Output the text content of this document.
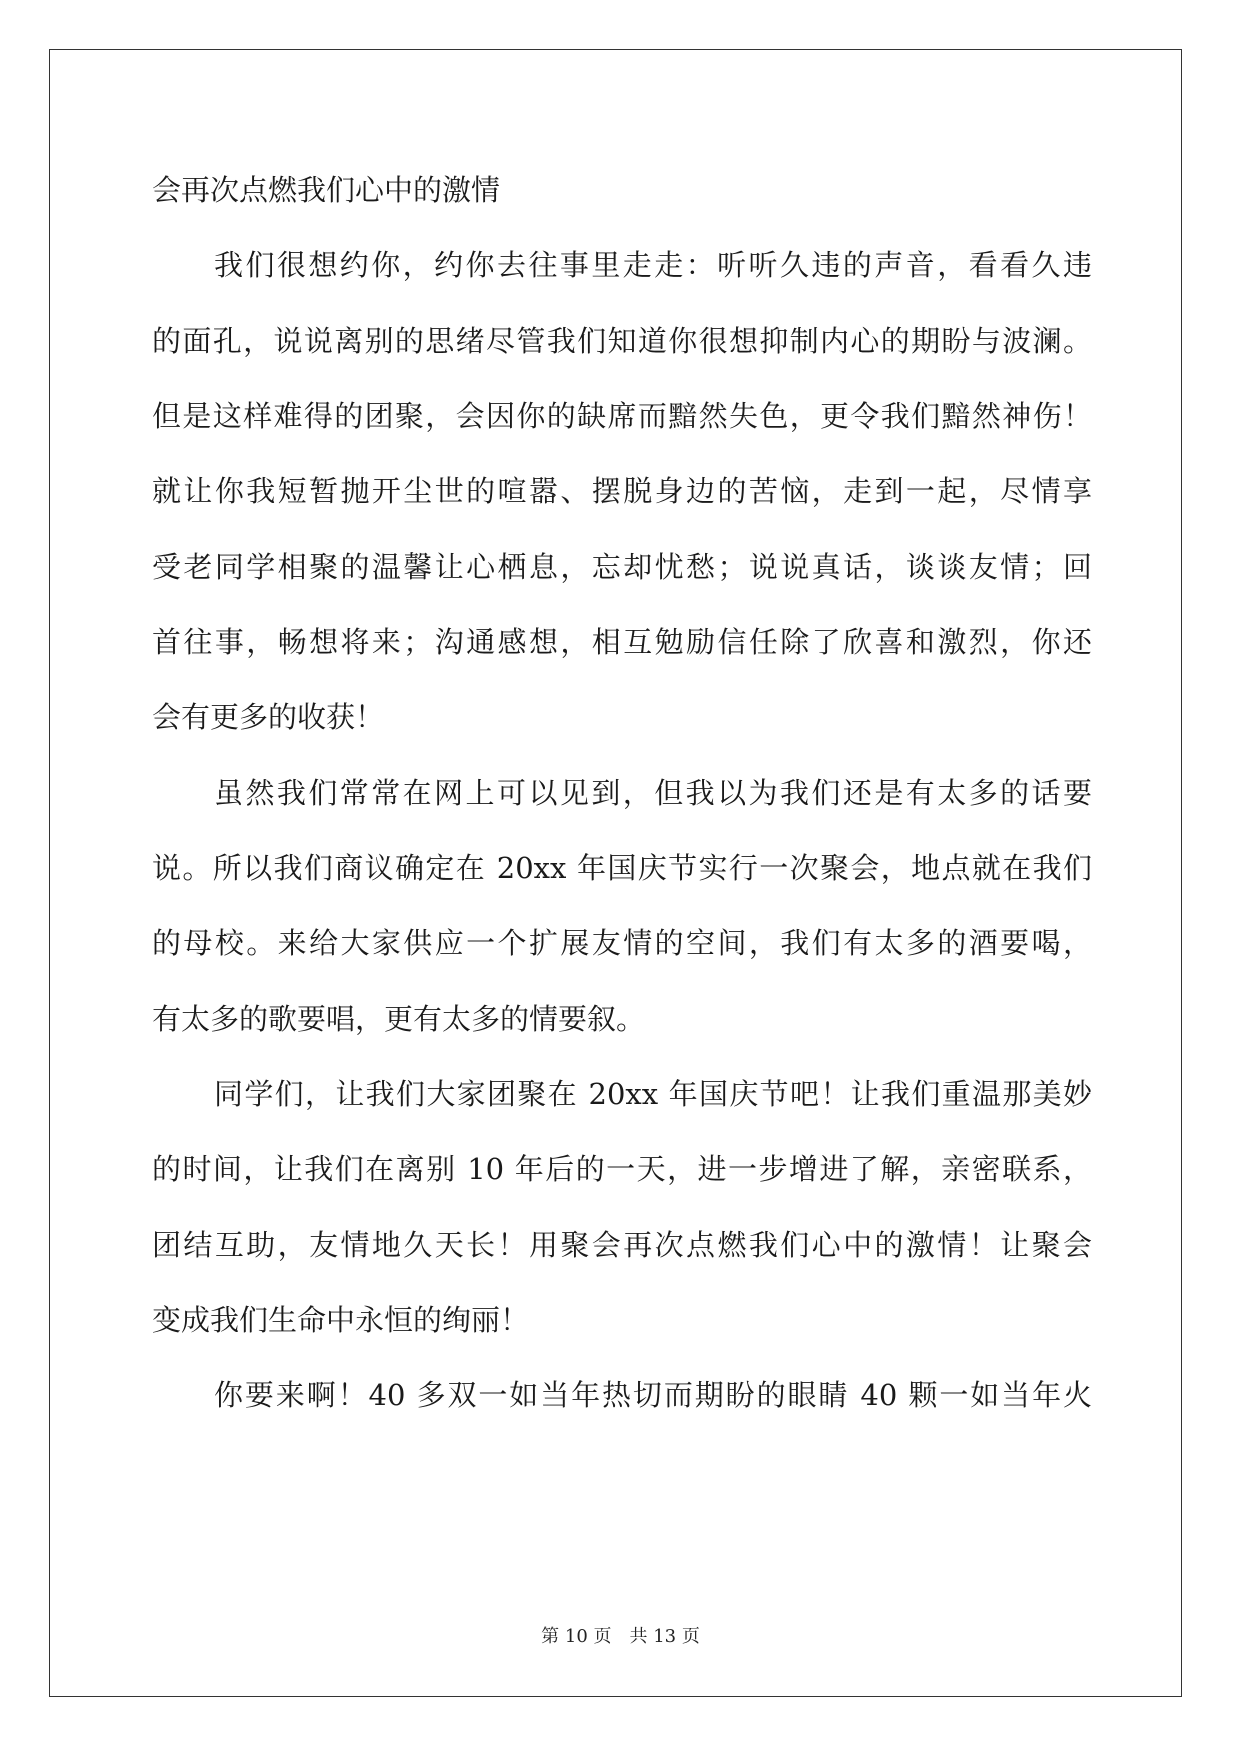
会再次点燃我们心中的激情
我们很想约你，约你去往事里走走：听听久违的声音，看看久违
的面孔，说说离别的思绪尽管我们知道你很想抑制内心的期盼与波澜。
但是这样难得的团聚，会因你的缺席而黯然失色，更令我们黯然神伤！
就让你我短暂抛开尘世的喧嚣、摆脱身边的苦恼，走到一起，尽情享
受老同学相聚的温馨让心栖息，忘却忧愁；说说真话，谈谈友情；回
首往事，畅想将来；沟通感想，相互勉励信任除了欣喜和激烈，你还
会有更多的收获！
虽然我们常常在网上可以见到，但我以为我们还是有太多的话要
说。所以我们商议确定在 20xx 年国庆节实行一次聚会，地点就在我们
的母校。来给大家供应一个扩展友情的空间，我们有太多的酒要喝，
有太多的歌要唱，更有太多的情要叙。
同学们，让我们大家团聚在 20xx 年国庆节吧！让我们重温那美妙
的时间，让我们在离别 10 年后的一天，进一步增进了解，亲密联系，
团结互助，友情地久天长！用聚会再次点燃我们心中的激情！让聚会
变成我们生命中永恒的绚丽！
你要来啊！40 多双一如当年热切而期盼的眼睛 40 颗一如当年火
第 10 页　共 13 页
